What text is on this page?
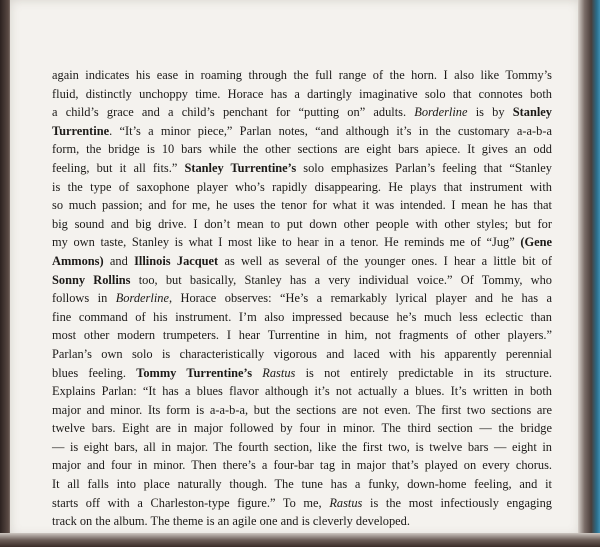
again indicates his ease in roaming through the full range of the horn. I also like Tommy’s
fluid, distinctly unchoppy time. Horace has a dartingly imaginative solo that connotes both
a child’s grace and a child’s penchant for “putting on” adults. Borderline is by Stanley
Turrentine. “It’s a minor piece,” Parlan notes, “and although it’s in the customary a-a-b-a
form, the bridge is 10 bars while the other sections are eight bars apiece. It gives an odd
feeling, but it all fits.” Stanley Turrentine’s solo emphasizes Parlan’s feeling that “Stanley
is the type of saxophone player who’s rapidly disappearing. He plays that instrument with
so much passion; and for me, he uses the tenor for what it was intended. I mean he has that
big sound and big drive. I don’t mean to put down other people with other styles; but for
my own taste, Stanley is what I most like to hear in a tenor. He reminds me of “Jug” (Gene
Ammons) and Illinois Jacquet as well as several of the younger ones. I hear a little bit of
Sonny Rollins too, but basically, Stanley has a very individual voice.” Of Tommy, who
follows in Borderline, Horace observes: “He’s a remarkably lyrical player and he has a
fine command of his instrument. I’m also impressed because he’s much less eclectic than
most other modern trumpeters. I hear Turrentine in him, not fragments of other players.”
Parlan’s own solo is characteristically vigorous and laced with his apparently perennial
blues feeling. Tommy Turrentine’s Rastus is not entirely predictable in its structure.
Explains Parlan: “It has a blues flavor although it’s not actually a blues. It’s written in both
major and minor. Its form is a-a-b-a, but the sections are not even. The first two sections are
twelve bars. Eight are in major followed by four in minor. The third section — the bridge
— is eight bars, all in major. The fourth section, like the first two, is twelve bars — eight in
major and four in minor. Then there’s a four-bar tag in major that’s played on every chorus.
It all falls into place naturally though. The tune has a funky, down-home feeling, and it
starts off with a Charleston-type figure.” To me, Rastus is the most infectiously engaging
track on the album. The theme is an agile one and is cleverly developed.
